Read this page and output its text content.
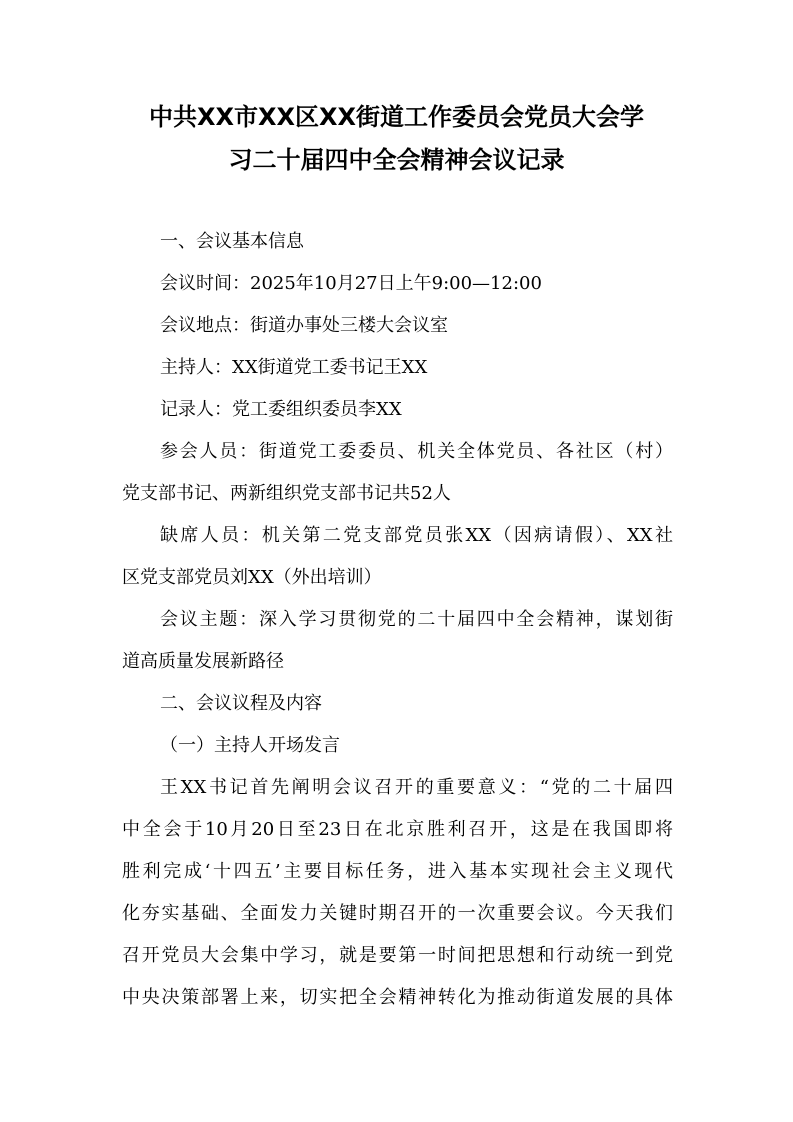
中共XX市XX区XX街道工作委员会党员大会学
习二十届四中全会精神会议记录
一、会议基本信息
会议时间：2025年10月27日上午9:00—12:00
会议地点：街道办事处三楼大会议室
主持人：XX街道党工委书记王XX
记录人：党工委组织委员李XX
参会人员：街道党工委委员、机关全体党员、各社区（村）
党支部书记、两新组织党支部书记共52人
缺席人员：机关第二党支部党员张XX（因病请假）、XX社
区党支部党员刘XX（外出培训）
会议主题：深入学习贯彻党的二十届四中全会精神，谋划街
道高质量发展新路径
二、会议议程及内容
（一）主持人开场发言
王XX书记首先阐明会议召开的重要意义：“党的二十届四
中全会于10月20日至23日在北京胜利召开，这是在我国即将
胜利完成‘十四五’主要目标任务，进入基本实现社会主义现代
化夯实基础、全面发力关键时期召开的一次重要会议。今天我们
召开党员大会集中学习，就是要第一时间把思想和行动统一到党
中央决策部署上来，切实把全会精神转化为推动街道发展的具体
